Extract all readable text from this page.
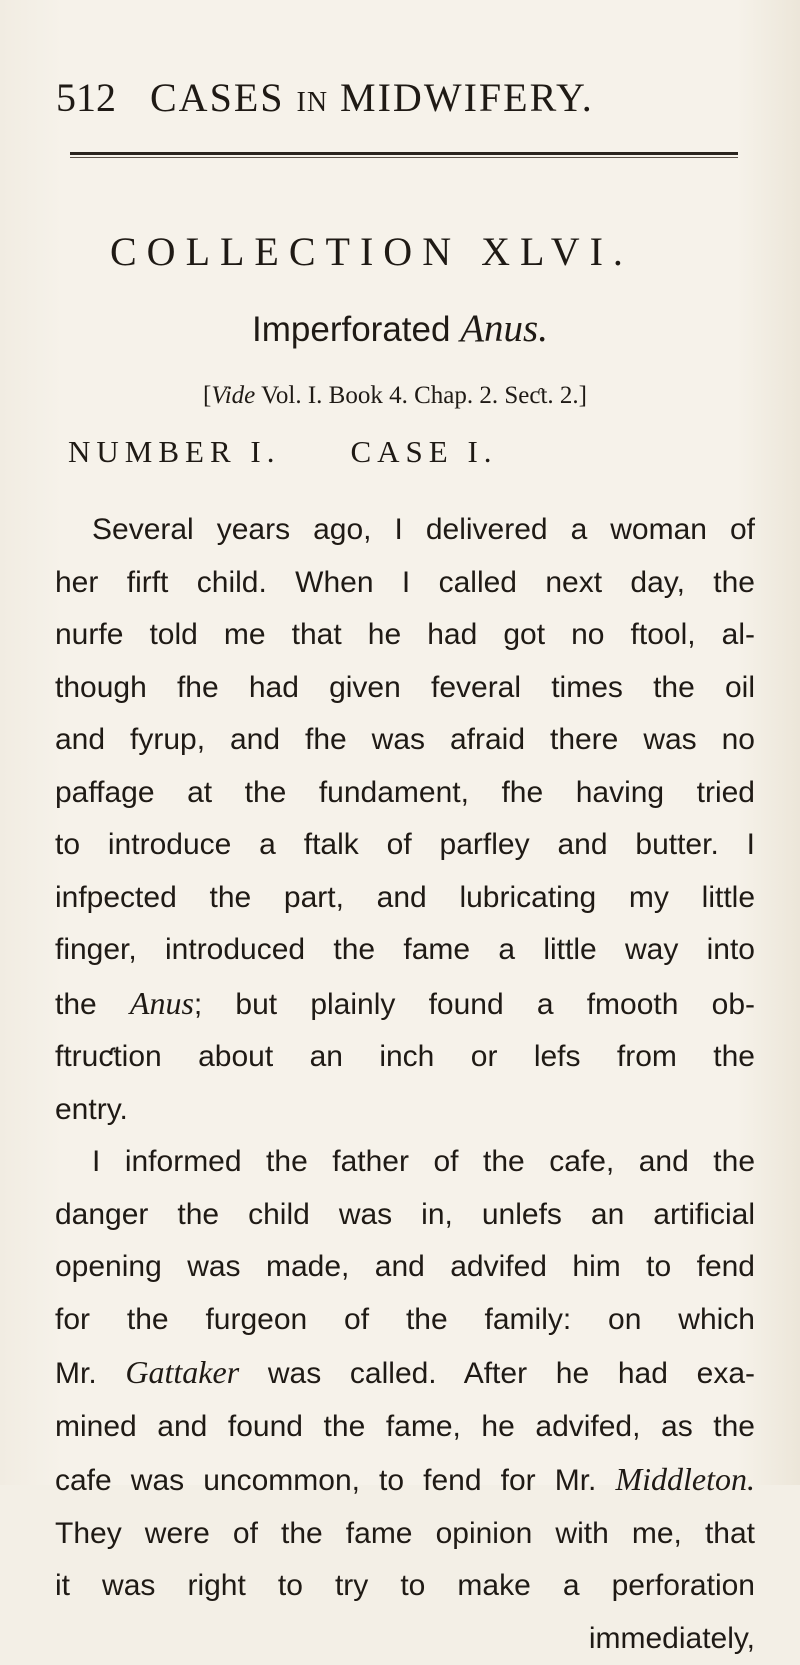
512 CASES IN MIDWIFERY.
COLLECTION XLVI.
Imperforated Anus.
[Vide Vol. I. Book 4. Chap. 2. Seƈt. 2.]
NUMBER I. CASE I.
Several years ago, I delivered a woman of
her firft child. When I called next day, the
nurfe told me that he had got no ftool, al-
though fhe had given feveral times the oil
and fyrup, and fhe was afraid there was no
paffage at the fundament, fhe having tried
to introduce a ftalk of parfley and butter. I
infpected the part, and lubricating my little
finger, introduced the fame a little way into
the Anus; but plainly found a fmooth ob-
ftruƈtion about an inch or lefs from the
entry.
I informed the father of the cafe, and the
danger the child was in, unlefs an artificial
opening was made, and advifed him to fend
for the furgeon of the family: on which
Mr. Gattaker was called. After he had exa-
mined and found the fame, he advifed, as the
cafe was uncommon, to fend for Mr. Middleton.
They were of the fame opinion with me, that
it was right to try to make a perforation
immediately,
